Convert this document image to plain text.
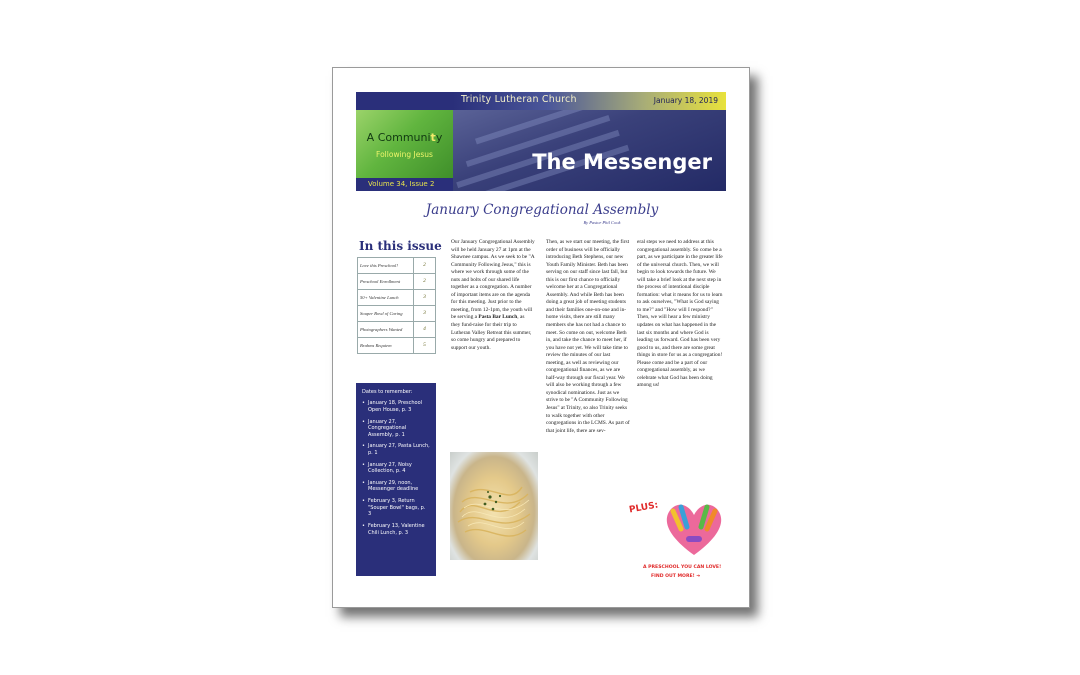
Trinity Lutheran Church	January 18, 2019
A Community
Following Jesus
Volume 34, Issue 2
The Messenger
January Congregational Assembly
By Pastor Phil Cook
In this issue
Love this Preschool!	2
Preschool Enrollment	2
50+ Valentine Lunch	3
Souper Bowl of Caring	3
Photographers Wanted	4
Brahms Requiem	5
Dates to remember:
• January 18, Preschool Open House, p. 3
• January 27, Congregational Assembly, p. 1
• January 27, Pasta Lunch, p. 1
• January 27, Noisy Collection, p. 4
• January 29, noon, Messenger deadline
• February 3, Return "Souper Bowl" bags, p. 3
• February 13, Valentine Chili Lunch, p. 3
Our January Congregational Assembly will be held January 27 at 1pm at the Shawnee campus. As we seek to be "A Community Following Jesus," this is where we work through some of the nuts and bolts of our shared life together as a congregation. A number of important items are on the agenda for this meeting. Just prior to the meeting, from 12-1pm, the youth will be serving a Pasta Bar Lunch, as they fund-raise for their trip to Lutheran Valley Retreat this summer, so come hungry and prepared to support our youth.
Then, as we start our meeting, the first order of business will be officially introducing Beth Stephens, our new Youth Family Minister. Beth has been serving on our staff since last fall, but this is our first chance to officially welcome her at a Congregational Assembly. And while Beth has been doing a great job of meeting students and their families one-on-one and in-home visits, there are still many members she has not had a chance to meet. So come on out, welcome Beth in, and take the chance to meet her, if you have not yet. We will take time to review the minutes of our last meeting, as well as reviewing our congregational finances, as we are half-way through our fiscal year. We will also be working through a few synodical nominations. Just as we strive to be "A Community Following Jesus" at Trinity, so also Trinity seeks to walk together with other congregations in the LCMS. As part of that joint life, there are sev-
eral steps we need to address at this congregational assembly. So come be a part, as we participate in the greater life of the universal church. Then, we will begin to look towards the future. We will take a brief look at the next step in the process of intentional disciple formation: what it means for us to learn to ask ourselves, "What is God saying to me?" and "How will I respond?" Then, we will hear a few ministry updates on what has happened in the last six months and where God is leading us forward. God has been very good to us, and there are some great things in store for us as a congregation! Please come and be a part of our congregational assembly, as we celebrate what God has been doing among us!
PLUS:
A PRESCHOOL YOU CAN LOVE!
FIND OUT MORE! ➔
